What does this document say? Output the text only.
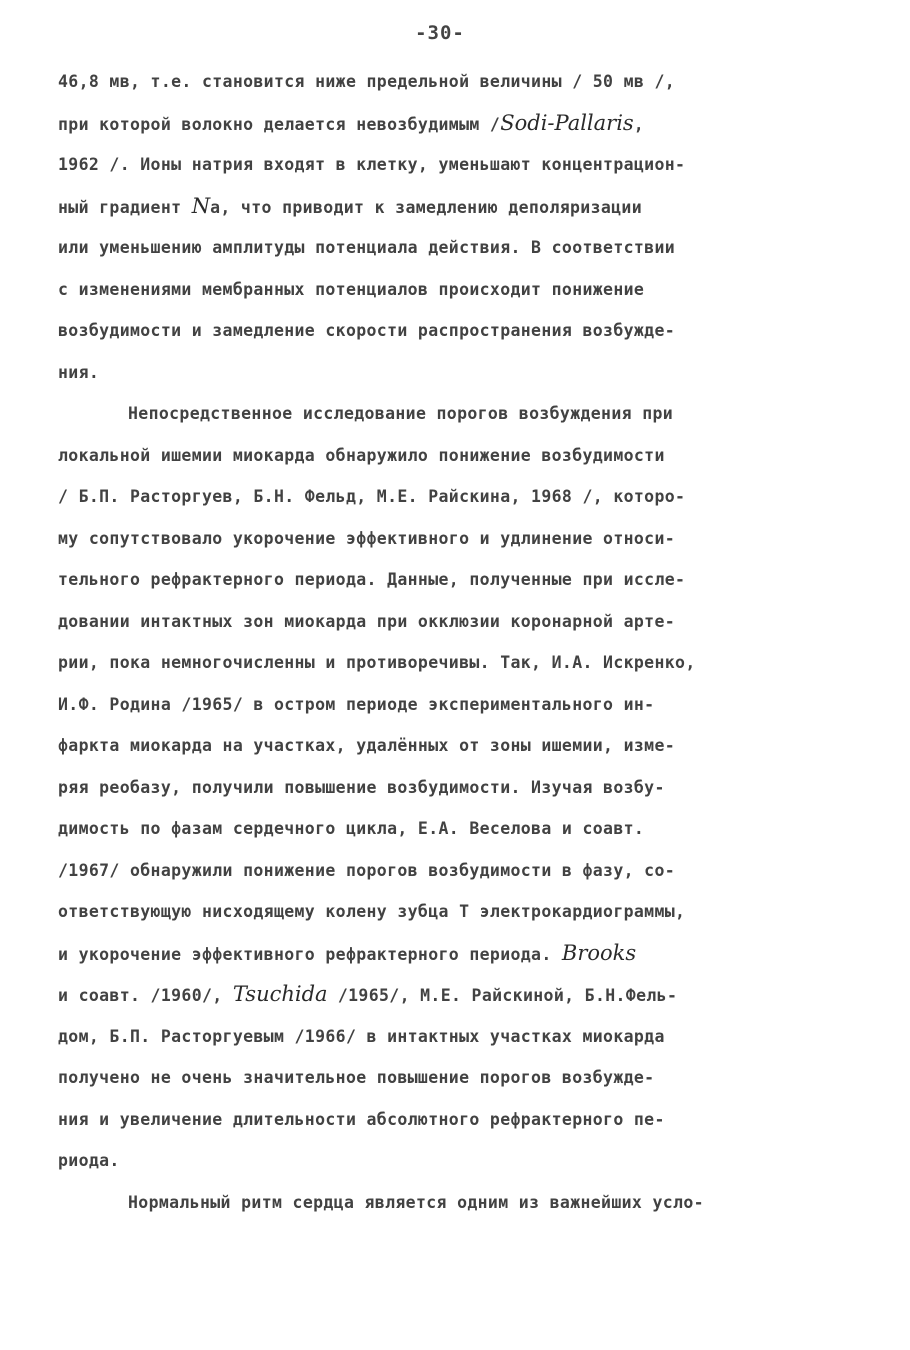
-30-
46,8 мв, т.е. становится ниже предельной величины / 50 мв /,
при которой волокно делается невозбудимым /Sodi-Pallaris,
1962 /. Ионы натрия входят в клетку, уменьшают концентрацион-
ный градиент Nа, что приводит к замедлению деполяризации
или уменьшению амплитуды потенциала действия. В соответствии
с изменениями мембранных потенциалов происходит понижение
возбудимости и замедление скорости распространения возбужде-
ния.
Непосредственное исследование порогов возбуждения при
локальной ишемии миокарда обнаружило понижение возбудимости
/ Б.П. Расторгуев, Б.Н. Фельд, М.Е. Райскина, 1968 /, которо-
му сопутствовало укорочение эффективного и удлинение относи-
тельного рефрактерного периода. Данные, полученные при иссле-
довании интактных зон миокарда при окклюзии коронарной арте-
рии, пока немногочисленны и противоречивы. Так, И.А. Искренко,
И.Ф. Родина /1965/ в остром периоде экспериментального ин-
фаркта миокарда на участках, удалённых от зоны ишемии, изме-
ряя реобазу, получили повышение возбудимости. Изучая возбу-
димость по фазам сердечного цикла, Е.А. Веселова и соавт.
/1967/ обнаружили понижение порогов возбудимости в фазу, со-
ответствующую нисходящему колену зубца Т электрокардиограммы,
и укорочение эффективного рефрактерного периода. Brooks
и соавт. /1960/, Tsuchida /1965/, М.Е. Райскиной, Б.Н.Фель-
дом, Б.П. Расторгуевым /1966/ в интактных участках миокарда
получено не очень значительное повышение порогов возбужде-
ния и увеличение длительности абсолютного рефрактерного пе-
риода.
Нормальный ритм сердца является одним из важнейших усло-
